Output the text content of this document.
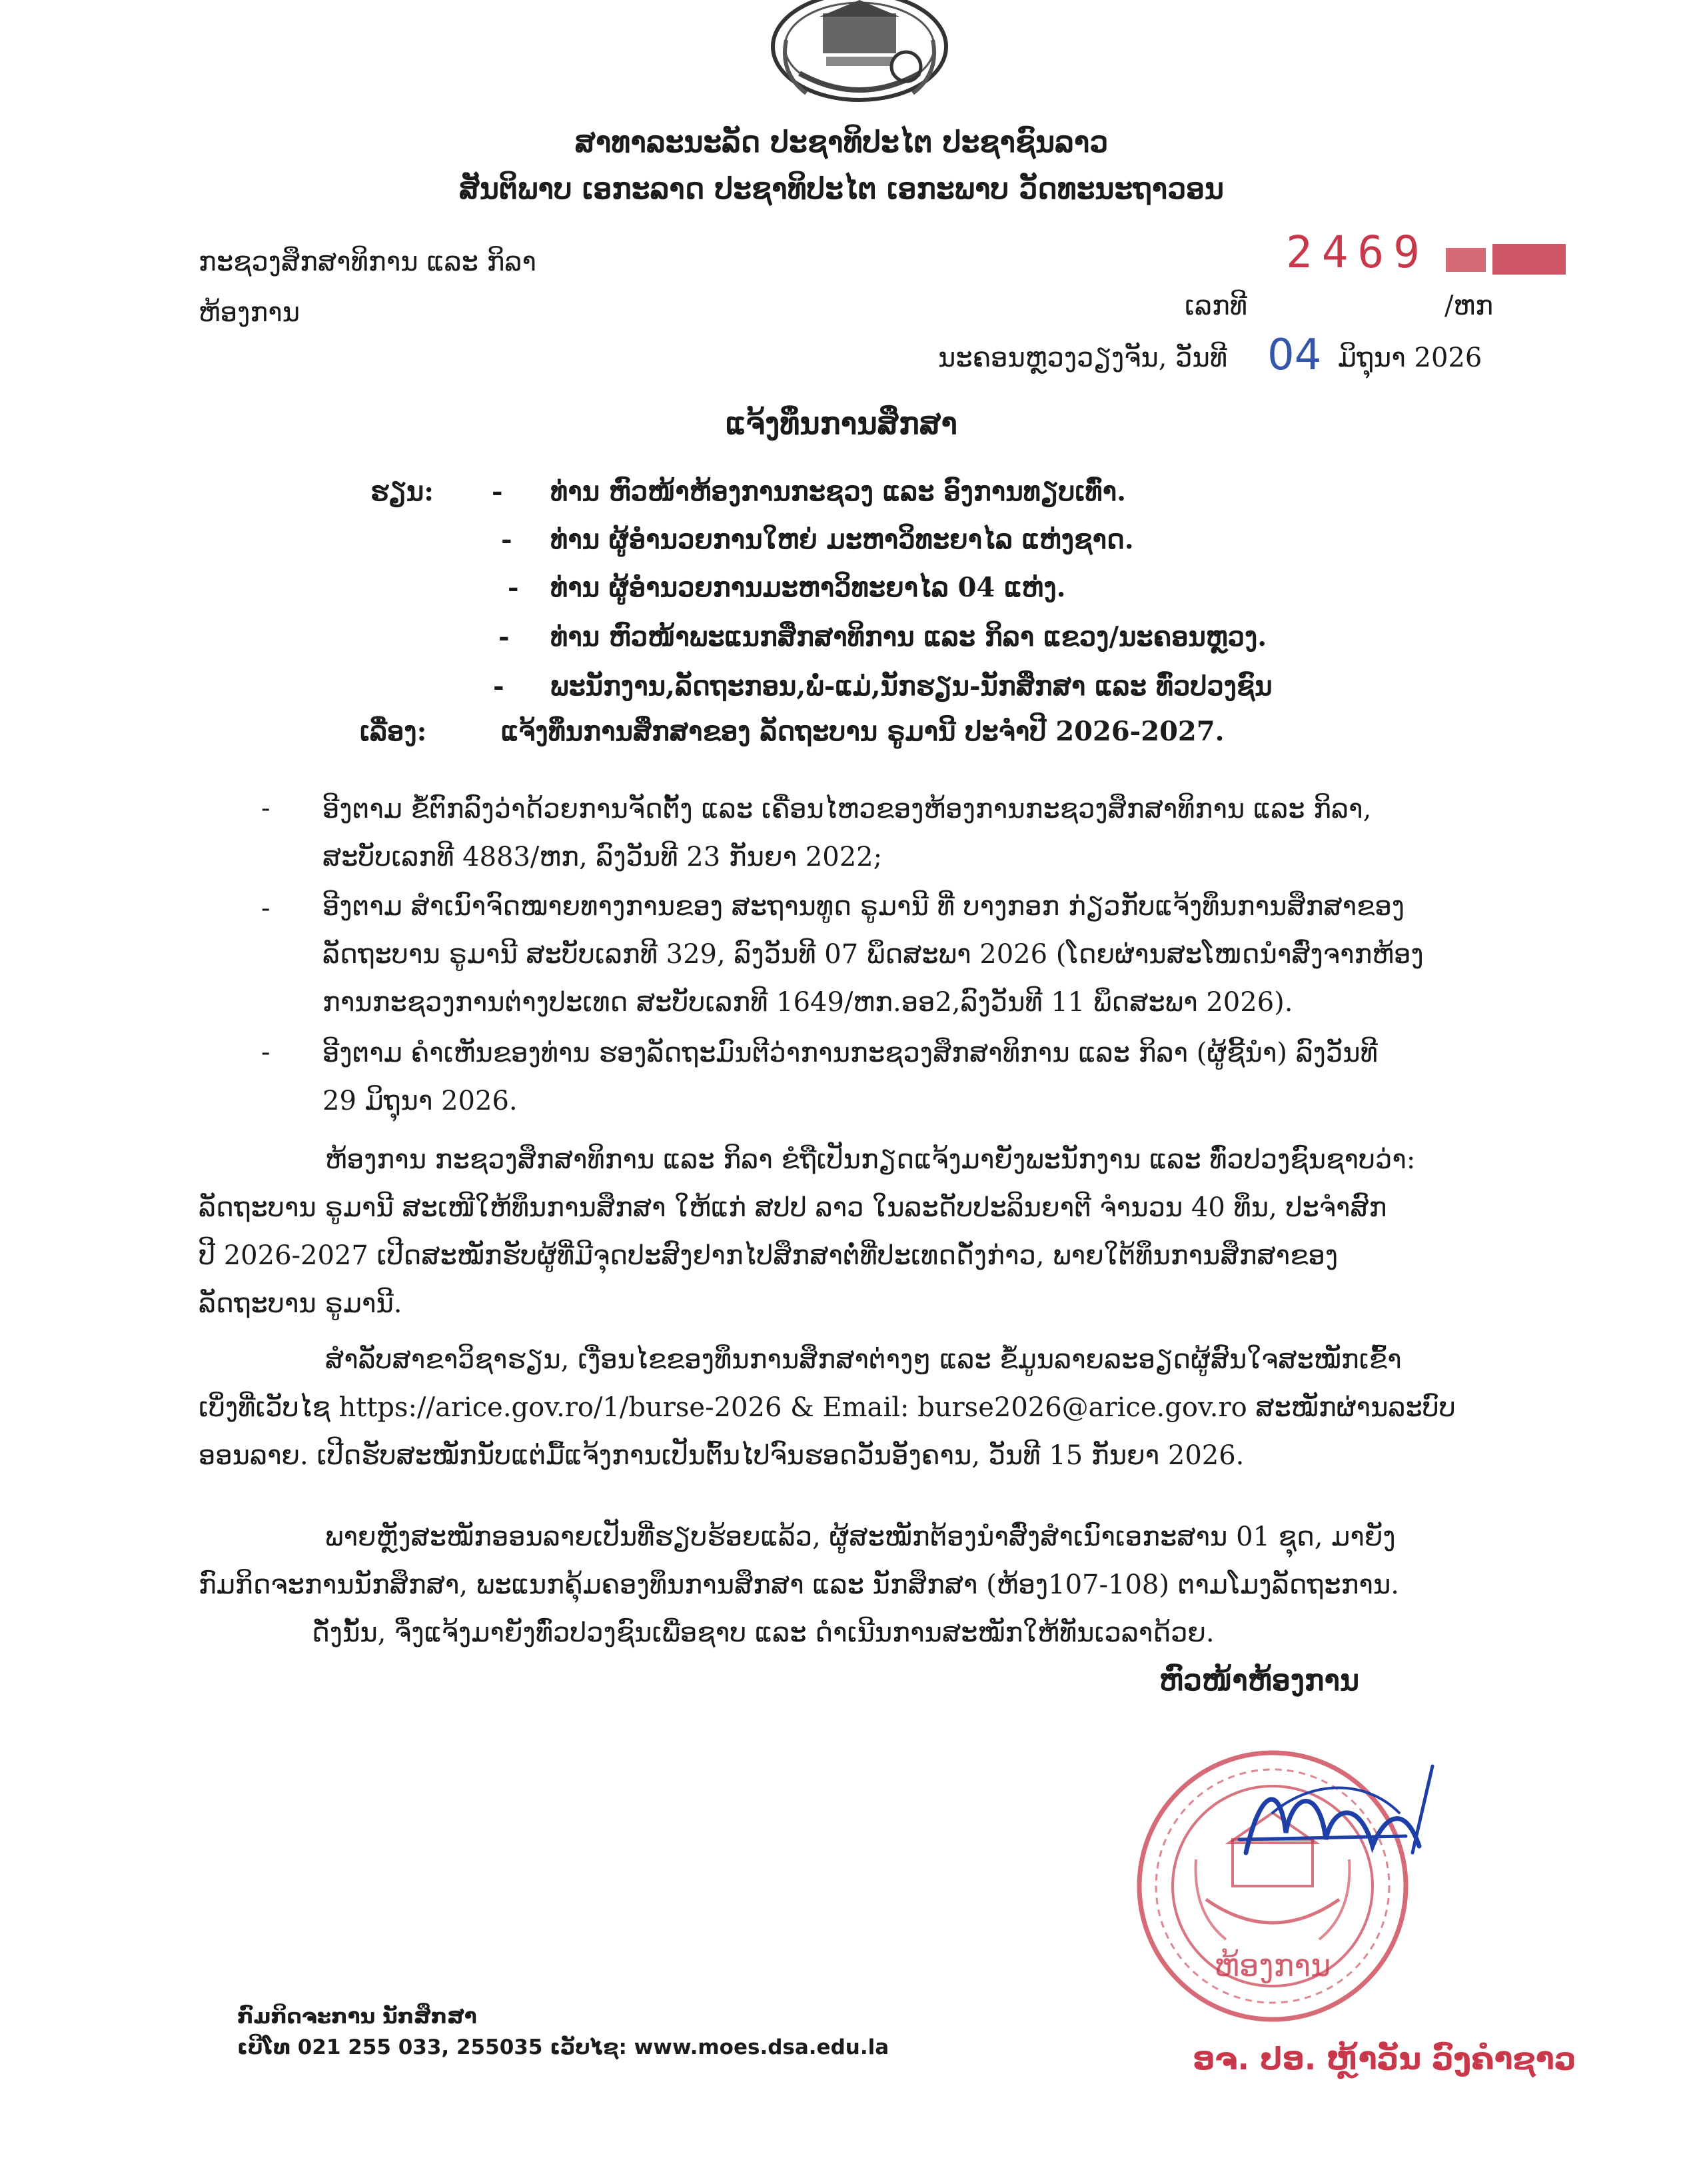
ສາທາລະນະລັດ ປະຊາທິປະໄຕ ປະຊາຊົນລາວ
ສັນຕິພາບ ເອກະລາດ ປະຊາທິປະໄຕ ເອກະພາບ ວັດທະນະຖາວອນ
ກະຊວງສຶກສາທິການ ແລະ ກິລາ
ຫ້ອງການ
2469
ເລກທີ	/ຫກ
ນະຄອນຫຼວງວຽງຈັນ, ວັນທີ 04 ມິຖຸນາ 2026
ແຈ້ງທຶນການສຶກສາ
ຮຽນ: - ທ່ານ ຫົວໜ້າຫ້ອງການກະຊວງ ແລະ ອົງການທຽບເທົ່າ.
- ທ່ານ ຜູ້ອໍານວຍການໃຫຍ່ ມະຫາວິທະຍາໄລ ແຫ່ງຊາດ.
- ທ່ານ ຜູ້ອໍານວຍການມະຫາວິທະຍາໄລ 04 ແຫ່ງ.
- ທ່ານ ຫົວໜ້າພະແນກສຶກສາທິການ ແລະ ກິລາ ແຂວງ/ນະຄອນຫຼວງ.
- ພະນັກງານ,ລັດຖະກອນ,ພໍ່-ແມ່,ນັກຮຽນ-ນັກສຶກສາ ແລະ ທົ່ວປວງຊົນ
ເລື່ອງ:	ແຈ້ງທຶນການສຶກສາຂອງ ລັດຖະບານ ຣູມານີ ປະຈໍາປີ 2026-2027.
- ອີງຕາມ ຂໍ້ຕົກລົງວ່າດ້ວຍການຈັດຕັ້ງ ແລະ ເຄື່ອນໄຫວຂອງຫ້ອງການກະຊວງສຶກສາທິການ ແລະ ກິລາ,
ສະບັບເລກທີ 4883/ຫກ, ລົງວັນທີ 23 ກັນຍາ 2022;
- ອີງຕາມ ສໍາເນົາຈົດໝາຍທາງການຂອງ ສະຖານທູດ ຣູມານີ ທີ່ ບາງກອກ ກ່ຽວກັບແຈ້ງທຶນການສຶກສາຂອງ
ລັດຖະບານ ຣູມານີ ສະບັບເລກທີ 329, ລົງວັນທີ 07 ພຶດສະພາ 2026 (ໂດຍຜ່ານສະໂໜດນໍາສົ່ງຈາກຫ້ອງ
ການກະຊວງການຕ່າງປະເທດ ສະບັບເລກທີ 1649/ຫກ.ອອ2,ລົງວັນທີ 11 ພຶດສະພາ 2026).
- ອີງຕາມ ຄໍາເຫັນຂອງທ່ານ ຮອງລັດຖະມົນຕີວ່າການກະຊວງສຶກສາທິການ ແລະ ກິລາ (ຜູ້ຊີ້ນໍາ) ລົງວັນທີ
29 ມິຖຸນາ 2026.
ຫ້ອງການ ກະຊວງສຶກສາທິການ ແລະ ກິລາ ຂໍຖືເປັນກຽດແຈ້ງມາຍັງພະນັກງານ ແລະ ທົ່ວປວງຊົນຊາບວ່າ:
ລັດຖະບານ ຣູມານີ ສະເໜີໃຫ້ທຶນການສຶກສາ ໃຫ້ແກ່ ສປປ ລາວ ໃນລະດັບປະລິນຍາຕີ ຈໍານວນ 40 ທຶນ, ປະຈໍາສົກ
ປີ 2026-2027 ເປີດສະໝັກຮັບຜູ້ທີ່ມີຈຸດປະສົງຢາກໄປສຶກສາຕໍ່ທີ່ປະເທດດັ່ງກ່າວ, ພາຍໃຕ້ທຶນການສຶກສາຂອງ
ລັດຖະບານ ຣູມານີ.
ສໍາລັບສາຂາວິຊາຮຽນ, ເງື່ອນໄຂຂອງທຶນການສຶກສາຕ່າງໆ ແລະ ຂໍ້ມູນລາຍລະອຽດຜູ້ສົນໃຈສະໝັກເຂົ້າ
ເບິ່ງທີ່ເວັບໄຊ https://arice.gov.ro/1/burse-2026 & Email: burse2026@arice.gov.ro ສະໝັກຜ່ານລະບົບ
ອອນລາຍ. ເປີດຮັບສະໝັກນັບແຕ່ມື້ແຈ້ງການເປັນຕົ້ນໄປຈົນຮອດວັນອັງຄານ, ວັນທີ 15 ກັນຍາ 2026.
ພາຍຫຼັງສະໝັກອອນລາຍເປັນທີ່ຮຽບຮ້ອຍແລ້ວ, ຜູ້ສະໝັກຕ້ອງນໍາສົ່ງສໍາເນົາເອກະສານ 01 ຊຸດ, ມາຍັງ
ກົມກິດຈະການນັກສຶກສາ, ພະແນກຄຸ້ມຄອງທຶນການສຶກສາ ແລະ ນັກສຶກສາ (ຫ້ອງ107-108) ຕາມໂມງລັດຖະການ.
ດັ່ງນັ້ນ, ຈຶ່ງແຈ້ງມາຍັງທົ່ວປວງຊົນເພື່ອຊາບ ແລະ ດໍາເນີນການສະໝັກໃຫ້ທັນເວລາດ້ວຍ.
ຫົວໜ້າຫ້ອງການ
ຫ້ອງການ
ອຈ. ປອ. ຫຼ້າວັນ ວົງຄໍາຊາວ
ກົມກິດຈະການ ນັກສຶກສາ
ເບີໂທ 021 255 033, 255035 ເວັບໄຊ: www.moes.dsa.edu.la
